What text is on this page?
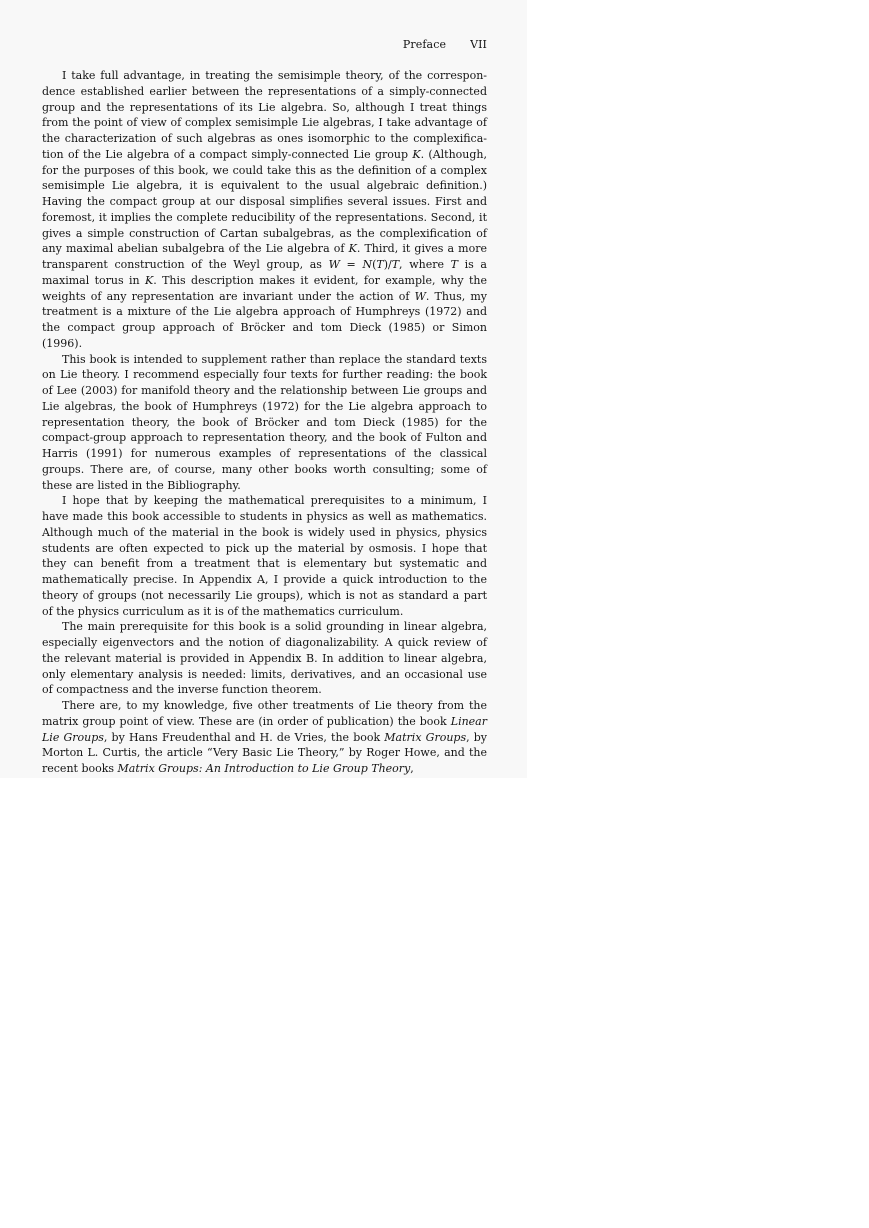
Preface VII

I take full advantage, in treating the semisimple theory, of the correspondence established earlier between the representations of a simply-connected group and the representations of its Lie algebra. So, although I treat things from the point of view of complex semisimple Lie algebras, I take advantage of the characterization of such algebras as ones isomorphic to the complexification of the Lie algebra of a compact simply-connected Lie group K. (Although, for the purposes of this book, we could take this as the definition of a complex semisimple Lie algebra, it is equivalent to the usual algebraic definition.) Having the compact group at our disposal simplifies several issues. First and foremost, it implies the complete reducibility of the representations. Second, it gives a simple construction of Cartan subalgebras, as the complexification of any maximal abelian subalgebra of the Lie algebra of K. Third, it gives a more transparent construction of the Weyl group, as W = N(T)/T, where T is a maximal torus in K. This description makes it evident, for example, why the weights of any representation are invariant under the action of W. Thus, my treatment is a mixture of the Lie algebra approach of Humphreys (1972) and the compact group approach of Bröcker and tom Dieck (1985) or Simon (1996).

This book is intended to supplement rather than replace the standard texts on Lie theory. I recommend especially four texts for further reading: the book of Lee (2003) for manifold theory and the relationship between Lie groups and Lie algebras, the book of Humphreys (1972) for the Lie algebra approach to representation theory, the book of Bröcker and tom Dieck (1985) for the compact-group approach to representation theory, and the book of Fulton and Harris (1991) for numerous examples of representations of the classical groups. There are, of course, many other books worth consulting; some of these are listed in the Bibliography.

I hope that by keeping the mathematical prerequisites to a minimum, I have made this book accessible to students in physics as well as mathematics. Although much of the material in the book is widely used in physics, physics students are often expected to pick up the material by osmosis. I hope that they can benefit from a treatment that is elementary but systematic and mathematically precise. In Appendix A, I provide a quick introduction to the theory of groups (not necessarily Lie groups), which is not as standard a part of the physics curriculum as it is of the mathematics curriculum.

The main prerequisite for this book is a solid grounding in linear algebra, especially eigenvectors and the notion of diagonalizability. A quick review of the relevant material is provided in Appendix B. In addition to linear algebra, only elementary analysis is needed: limits, derivatives, and an occasional use of compactness and the inverse function theorem.

There are, to my knowledge, five other treatments of Lie theory from the matrix group point of view. These are (in order of publication) the book Linear Lie Groups, by Hans Freudenthal and H. de Vries, the book Matrix Groups, by Morton L. Curtis, the article “Very Basic Lie Theory,” by Roger Howe, and the recent books Matrix Groups: An Introduction to Lie Group Theory,
